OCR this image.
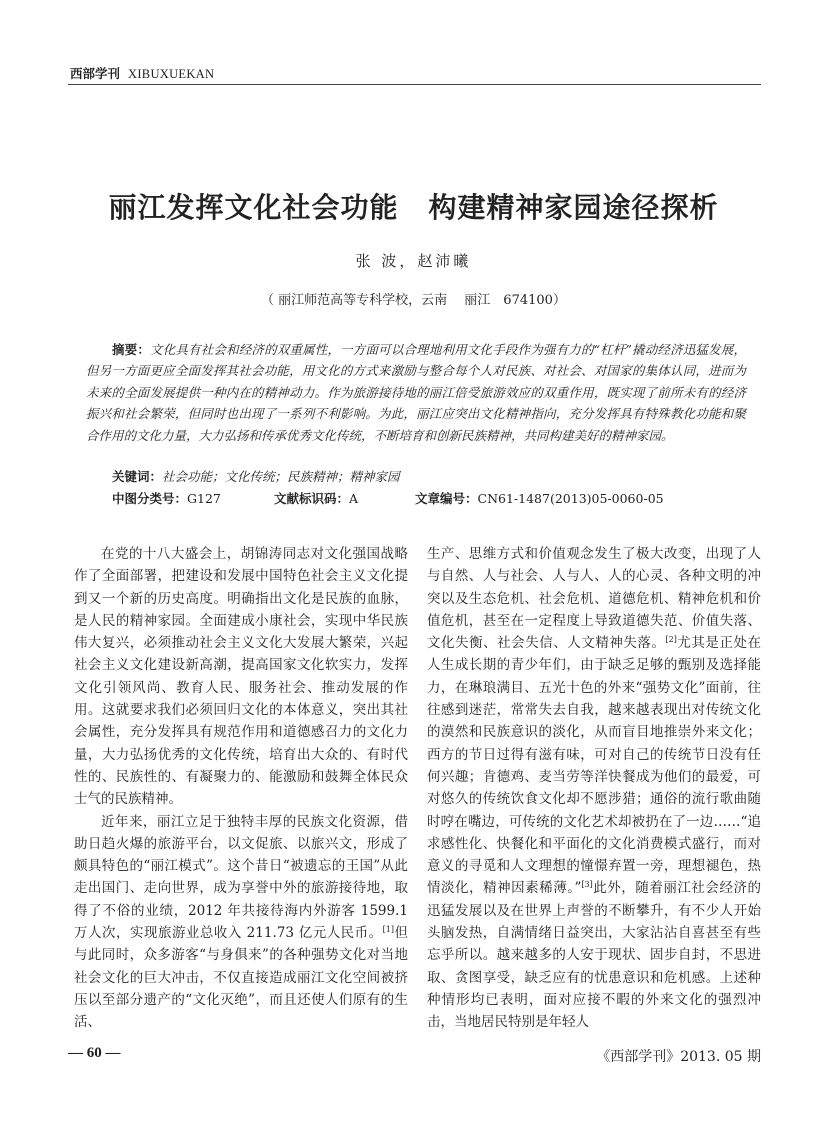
西部学刊 XIBUXUEKAN
丽江发挥文化社会功能 构建精神家园途径探析
张 波，赵沛曦
（ 丽江师范高等专科学校，云南　 丽江　674100）
摘要：文化具有社会和经济的双重属性，一方面可以合理地利用文化手段作为强有力的“杠杆”撬动经济迅猛发展，但另一方面更应全面发挥其社会功能，用文化的方式来激励与整合每个人对民族、对社会、对国家的集体认同，进而为未来的全面发展提供一种内在的精神动力。作为旅游接待地的丽江倍受旅游效应的双重作用，既实现了前所未有的经济振兴和社会繁荣，但同时也出现了一系列不利影响。为此，丽江应突出文化精神指向，充分发挥具有特殊教化功能和聚合作用的文化力量，大力弘扬和传承优秀文化传统，不断培育和创新民族精神，共同构建美好的精神家园。
关键词：社会功能；文化传统；民族精神；精神家园
中图分类号：G127	文献标识码：A	文章编号：CN61-1487(2013)05-0060-05

在党的十八大盛会上，胡锦涛同志对文化强国战略作了全面部署，把建设和发展中国特色社会主义文化提到又一个新的历史高度。明确指出文化是民族的血脉，是人民的精神家园。全面建成小康社会，实现中华民族伟大复兴，必须推动社会主义文化大发展大繁荣，兴起社会主义文化建设新高潮，提高国家文化软实力，发挥文化引领风尚、教育人民、服务社会、推动发展的作用。这就要求我们必须回归文化的本体意义，突出其社会属性，充分发挥具有规范作用和道德感召力的文化力量，大力弘扬优秀的文化传统，培育出大众的、有时代性的、民族性的、有凝聚力的、能激励和鼓舞全体民众士气的民族精神。

近年来，丽江立足于独特丰厚的民族文化资源，借助日趋火爆的旅游平台，以文促旅、以旅兴文，形成了颇具特色的“丽江模式”。这个昔日“被遗忘的王国”从此走出国门、走向世界，成为享誉中外的旅游接待地，取得了不俗的业绩，2012 年共接待海内外游客 1599.1 万人次，实现旅游业总收入 211.73 亿元人民币。[1]但与此同时，众多游客“与身俱来”的各种强势文化对当地社会文化的巨大冲击，不仅直接造成丽江文化空间被挤压以至部分遗产的“文化灭绝”，而且还使人们原有的生活、

生产、思维方式和价值观念发生了极大改变，出现了人与自然、人与社会、人与人、人的心灵、各种文明的冲突以及生态危机、社会危机、道德危机、精神危机和价值危机，甚至在一定程度上导致道德失范、价值失落、文化失衡、社会失信、人文精神失落。[2]尤其是正处在人生成长期的青少年们，由于缺乏足够的甄别及选择能力，在琳琅满目、五光十色的外来“强势文化”面前，往往感到迷茫，常常失去自我，越来越表现出对传统文化的漠然和民族意识的淡化，从而盲目地推崇外来文化；西方的节日过得有滋有味，可对自己的传统节日没有任何兴趣；肯德鸡、麦当劳等洋快餐成为他们的最爱，可对悠久的传统饮食文化却不愿涉猎；通俗的流行歌曲随时哼在嘴边，可传统的文化艺术却被扔在了一边……“追求感性化、快餐化和平面化的文化消费模式盛行，而对意义的寻觅和人文理想的憧憬弃置一旁，理想褪色，热情淡化，精神因素稀薄。”[3]此外，随着丽江社会经济的迅猛发展以及在世界上声誉的不断攀升，有不少人开始头脑发热，自满情绪日益突出，大家沾沾自喜甚至有些忘乎所以。越来越多的人安于现状、固步自封，不思进取、贪图享受，缺乏应有的忧患意识和危机感。上述种种情形均已表明，面对应接不暇的外来文化的强烈冲击，当地居民特别是年轻人

— 60 —	《西部学刊》2013. 05 期
